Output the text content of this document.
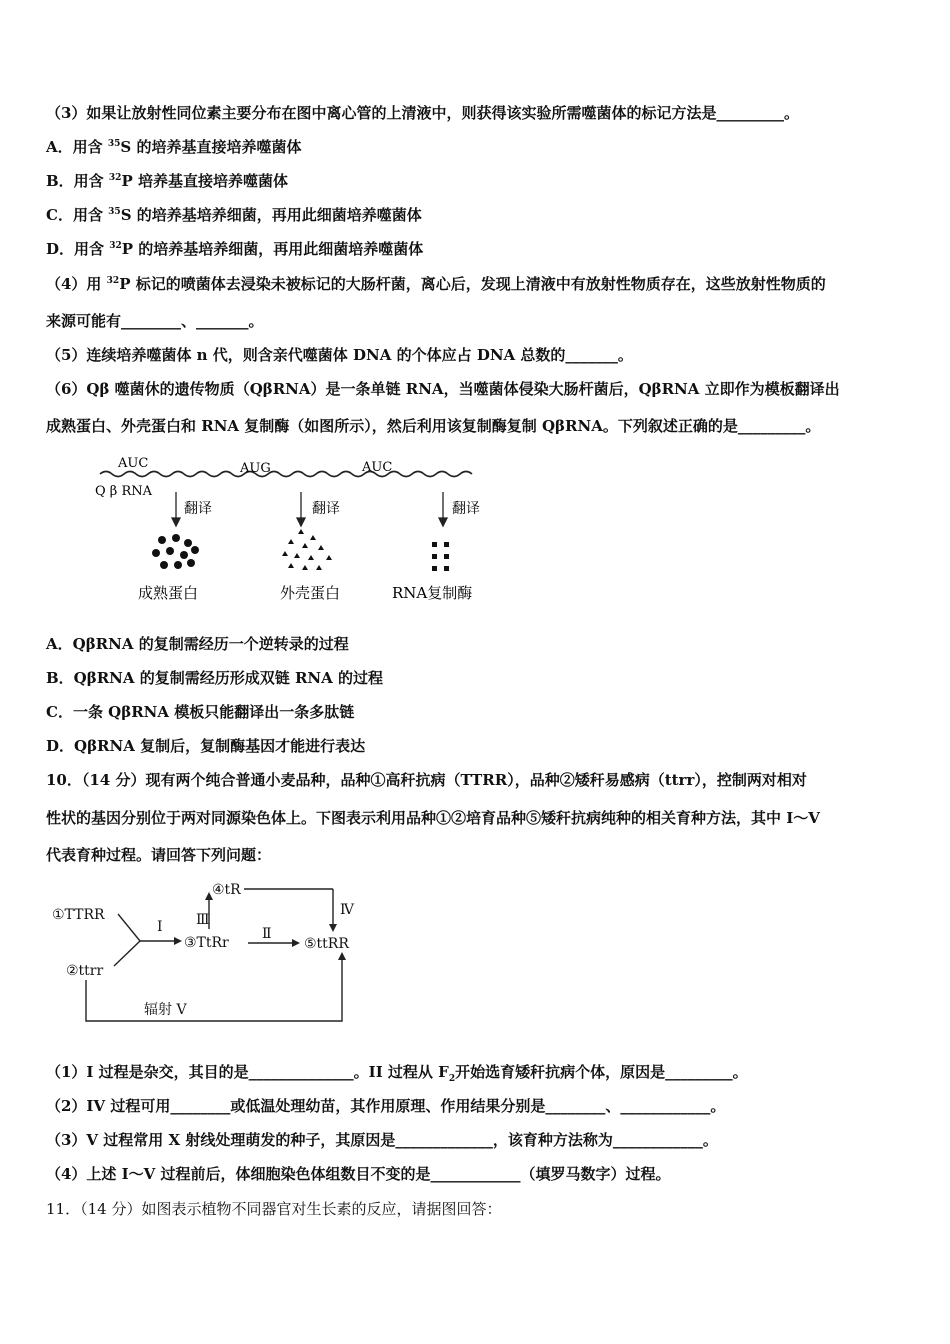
（3）如果让放射性同位素主要分布在图中离心管的上清液中，则获得该实验所需噬菌体的标记方法是_________。
A．用含 $^{35}$S 的培养基直接培养噬菌体
B．用含 $^{32}$P 培养基直接培养噬菌体
C．用含 $^{35}$S 的培养基培养细菌，再用此细菌培养噬菌体
D．用含 $^{32}$P 的培养基培养细菌，再用此细菌培养噬菌体
（4）用 $^{32}$P 标记的喷菌体去浸染未被标记的大肠杆菌，离心后，发现上清液中有放射性物质存在，这些放射性物质的
来源可能有________、_______。
（5）连续培养噬菌体 n 代，则含亲代噬菌体 DNA 的个体应占 DNA 总数的_______。
（6）Qβ 噬菌休的遗传物质（QβRNA）是一条单链 RNA，当噬菌体侵染大肠杆菌后，QβRNA 立即作为模板翻译出
成熟蛋白、外壳蛋白和 RNA 复制酶（如图所示），然后利用该复制酶复制 QβRNA。下列叙述正确的是_________。
AUC	AUG	AUC
Q β RNA
翻译	翻译	翻译
成熟蛋白	外壳蛋白	RNA复制酶
A．QβRNA 的复制需经历一个逆转录的过程
B．QβRNA 的复制需经历形成双链 RNA 的过程
C．一条 QβRNA 模板只能翻译出一条多肽链
D．QβRNA 复制后，复制酶基因才能进行表达
10．（14 分）现有两个纯合普通小麦品种，品种①高秆抗病（TTRR），品种②矮秆易感病（ttrr），控制两对相对
性状的基因分别位于两对同源染色体上。下图表示利用品种①②培育品种⑤矮秆抗病纯种的相关育种方法，其中 I～V
代表育种过程。请回答下列问题：
①TTRR
②ttrr
③TtRr
④tR
⑤ttRR
I	Ⅱ
Ⅲ
Ⅳ
辐射 V
（1）I 过程是杂交，其目的是______________。II 过程从 $F_2$开始选育矮秆抗病个体，原因是_________。
（2）IV 过程可用________或低温处理幼苗，其作用原理、作用结果分别是________、____________。
（3）V 过程常用 X 射线处理萌发的种子，其原因是_____________，该育种方法称为____________。
（4）上述 I～V 过程前后，体细胞染色体组数目不变的是____________（填罗马数字）过程。
11．（14 分）如图表示植物不同器官对生长素的反应，请据图回答：
